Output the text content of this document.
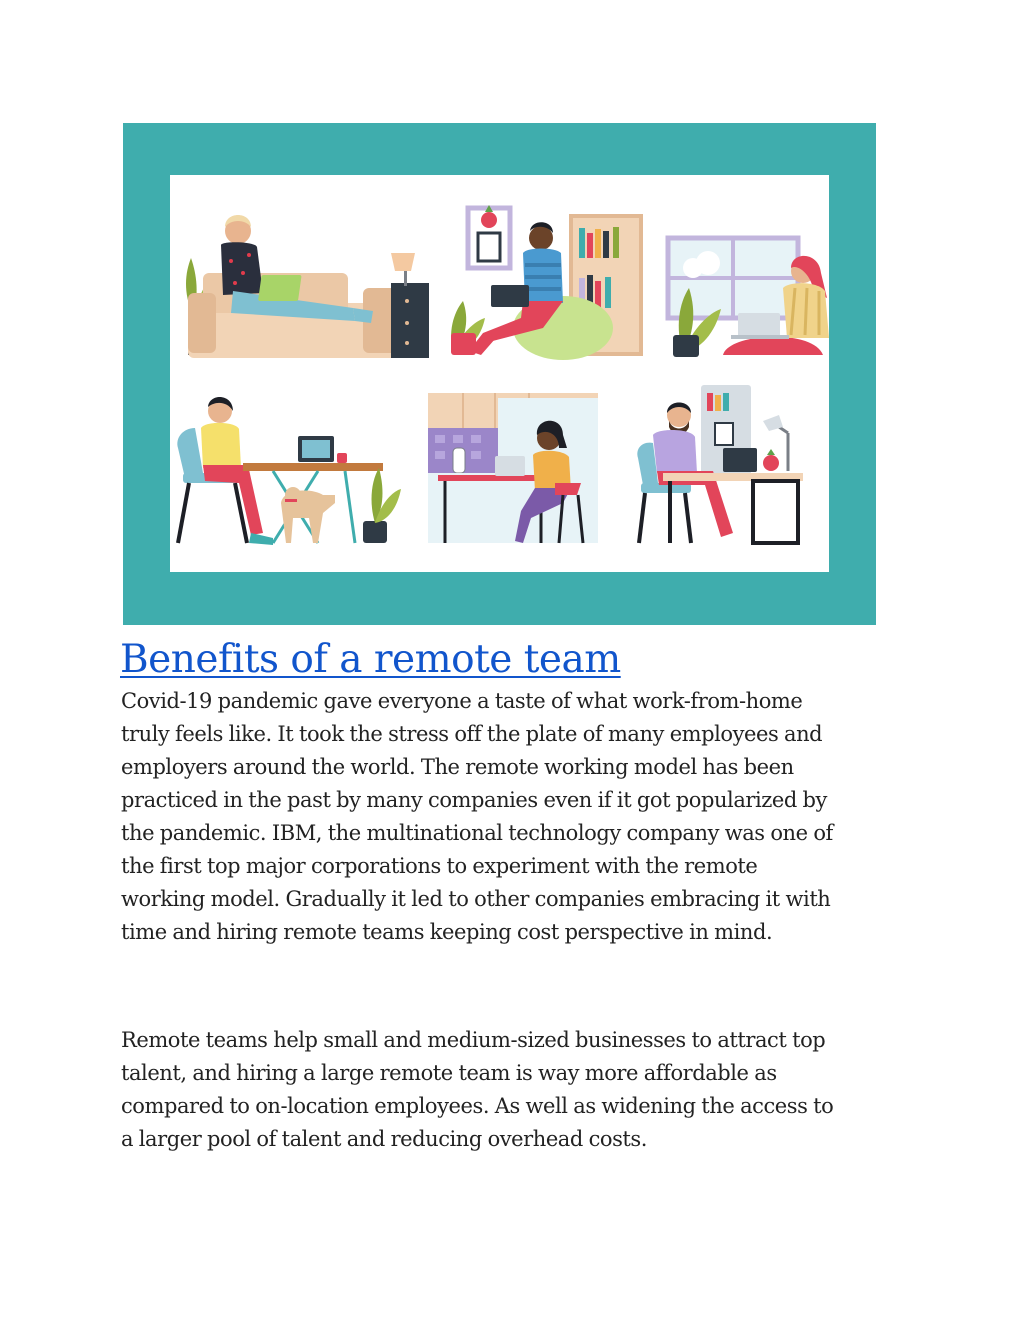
Benefits of a remote team
Covid-19 pandemic gave everyone a taste of what work-from-home
truly feels like. It took the stress off the plate of many employees and
employers around the world. The remote working model has been
practiced in the past by many companies even if it got popularized by
the pandemic. IBM, the multinational technology company was one of
the first top major corporations to experiment with the remote
working model. Gradually it led to other companies embracing it with
time and hiring remote teams keeping cost perspective in mind.
Remote teams help small and medium-sized businesses to attract top
talent, and hiring a large remote team is way more affordable as
compared to on-location employees. As well as widening the access to
a larger pool of talent and reducing overhead costs.
